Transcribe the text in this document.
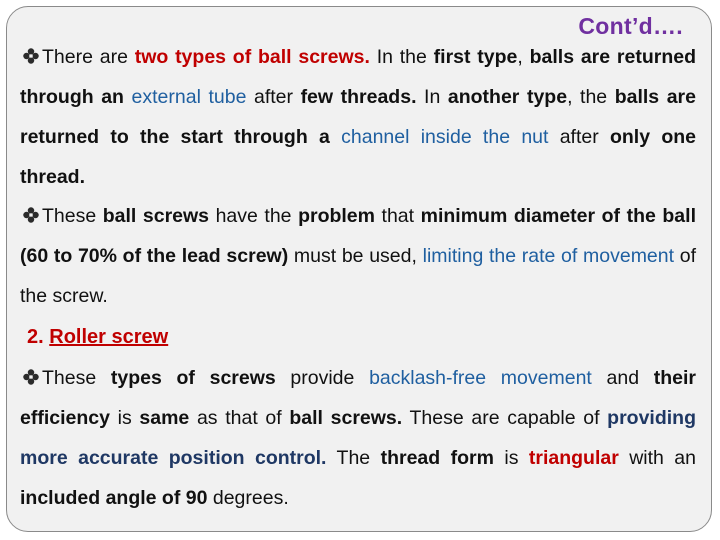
Cont’d….
There are two types of ball screws. In the first type, balls are returned through an external tube after few threads. In another type, the balls are returned to the start through a channel inside the nut after only one thread.
These ball screws have the problem that minimum diameter of the ball (60 to 70% of the lead screw) must be used, limiting the rate of movement of the screw.
2. Roller screw
These types of screws provide backlash-free movement and their efficiency is same as that of ball screws. These are capable of providing more accurate position control. The thread form is triangular with an included angle of 90 degrees.
